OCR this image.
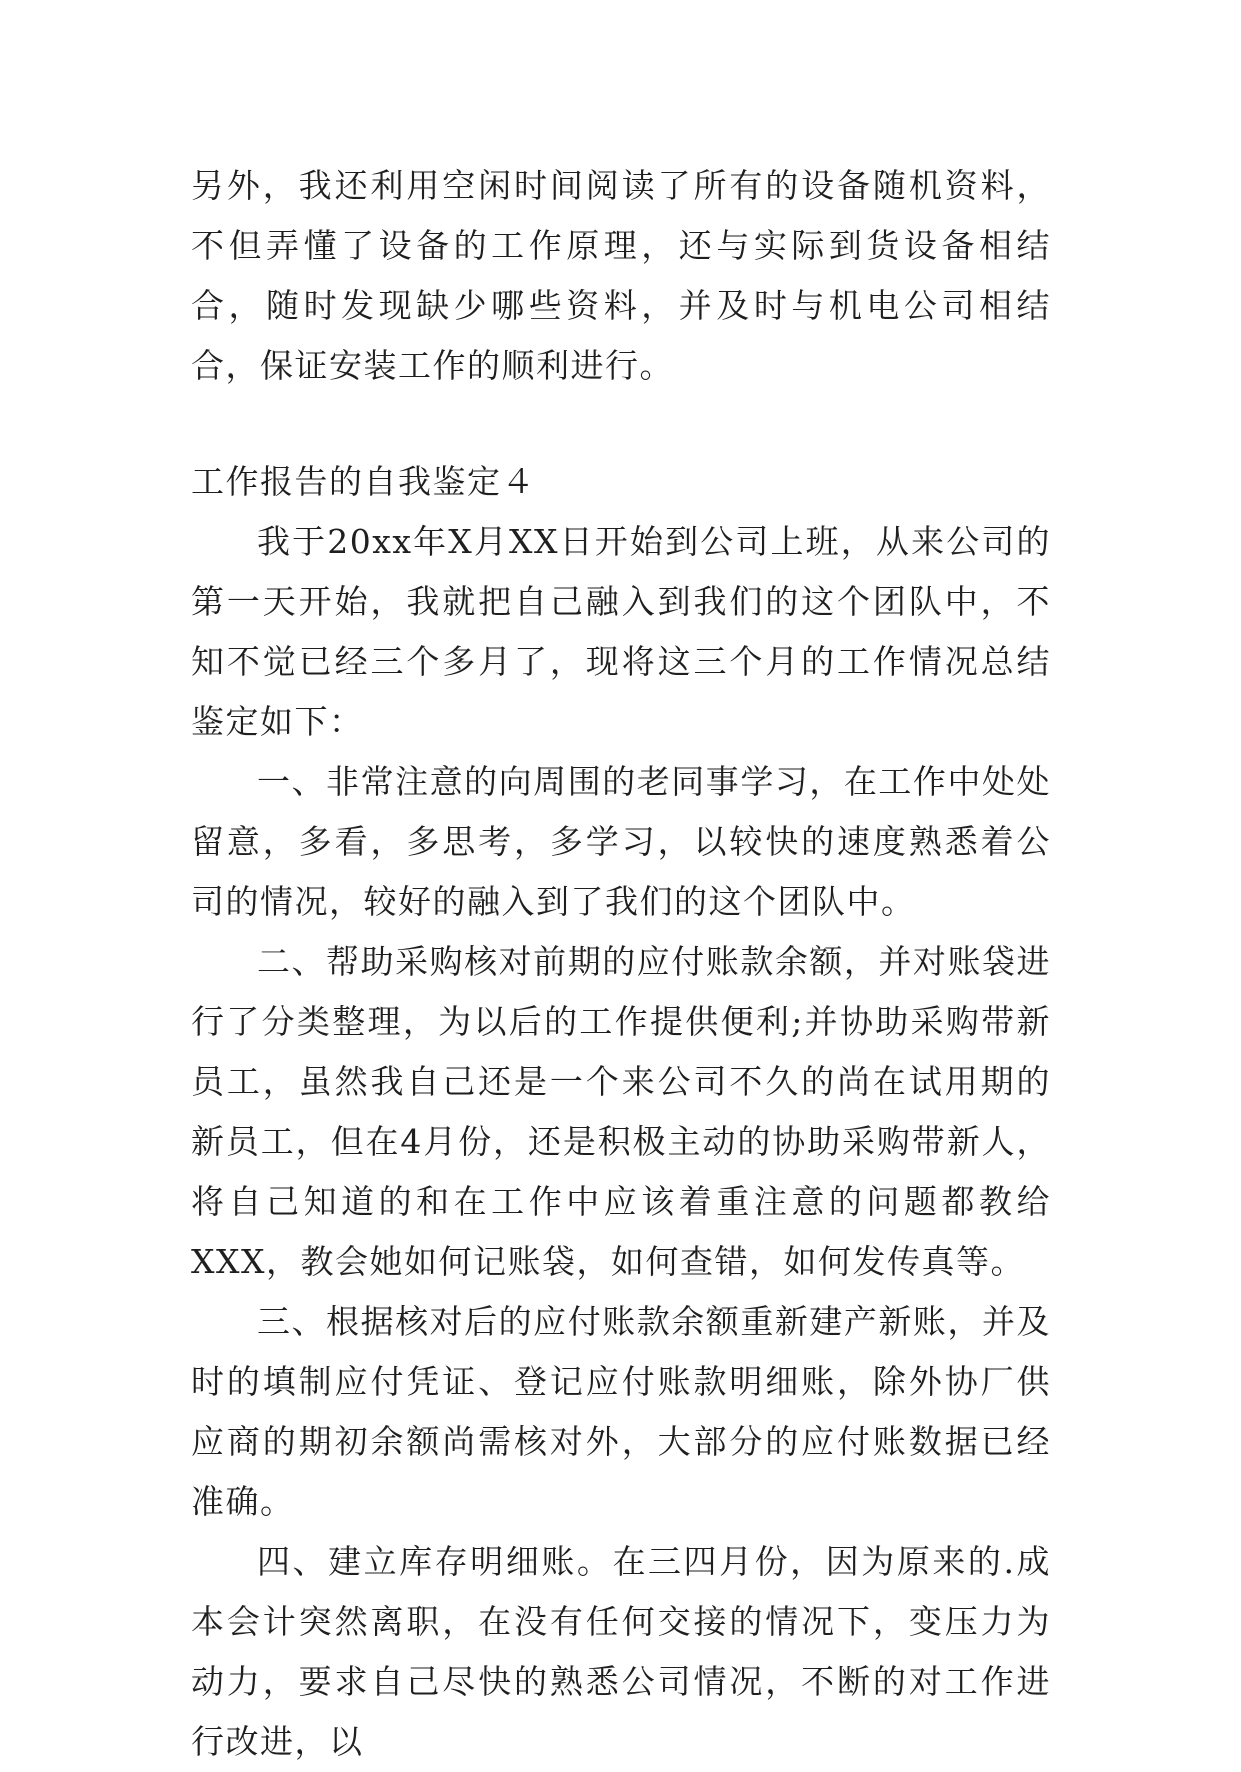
另外，我还利用空闲时间阅读了所有的设备随机资料，不但弄懂了设备的工作原理，还与实际到货设备相结合，随时发现缺少哪些资料，并及时与机电公司相结合，保证安装工作的顺利进行。

工作报告的自我鉴定４

我于20xx年X月XX日开始到公司上班，从来公司的第一天开始，我就把自己融入到我们的这个团队中，不知不觉已经三个多月了，现将这三个月的工作情况总结鉴定如下：

一、非常注意的向周围的老同事学习，在工作中处处留意，多看，多思考，多学习，以较快的速度熟悉着公司的情况，较好的融入到了我们的这个团队中。

二、帮助采购核对前期的应付账款余额，并对账袋进行了分类整理，为以后的工作提供便利;并协助采购带新员工，虽然我自己还是一个来公司不久的尚在试用期的新员工，但在4月份，还是积极主动的协助采购带新人，将自己知道的和在工作中应该着重注意的问题都教给XXX，教会她如何记账袋，如何查错，如何发传真等。

三、根据核对后的应付账款余额重新建产新账，并及时的填制应付凭证、登记应付账款明细账，除外协厂供应商的期初余额尚需核对外，大部分的应付账数据已经准确。

四、建立库存明细账。在三四月份，因为原来的.成本会计突然离职，在没有任何交接的情况下，变压力为动力，要求自己尽快的熟悉公司情况，不断的对工作进行改进，以
